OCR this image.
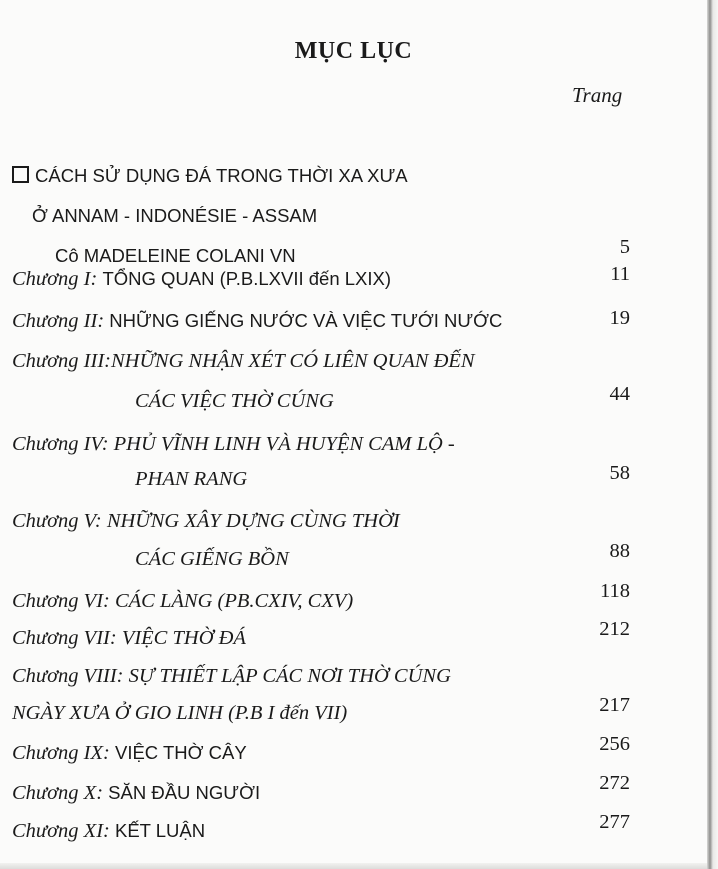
MỤC LỤC
Trang
CÁCH SỬ DỤNG ĐÁ TRONG THỜI XA XƯA
Ở ANNAM - INDONÉSIE - ASSAM
Cô MADELEINE COLANI VN	5
Chương I: TỔNG QUAN (P.B.LXVII đến LXIX)	11
Chương II: NHỮNG GIẾNG NƯỚC VÀ VIỆC TƯỚI NƯỚC	19
Chương III:NHỮNG NHẬN XÉT CÓ LIÊN QUAN ĐẾN
CÁC VIỆC THỜ CÚNG	44
Chương IV: PHỦ VĨNH LINH VÀ HUYỆN CAM LỘ -
PHAN RANG	58
Chương V: NHỮNG XÂY DỰNG CÙNG THỜI
CÁC GIẾNG BỒN	88
Chương VI: CÁC LÀNG (PB.CXIV, CXV)	118
Chương VII: VIỆC THỜ ĐÁ	212
Chương VIII: SỰ THIẾT LẬP CÁC NƠI THỜ CÚNG
NGÀY XƯA Ở GIO LINH (P.B I đến VII)	217
Chương IX: VIỆC THỜ CÂY	256
Chương X: SĂN ĐẦU NGƯỜI	272
Chương XI: KẾT LUẬN	277
